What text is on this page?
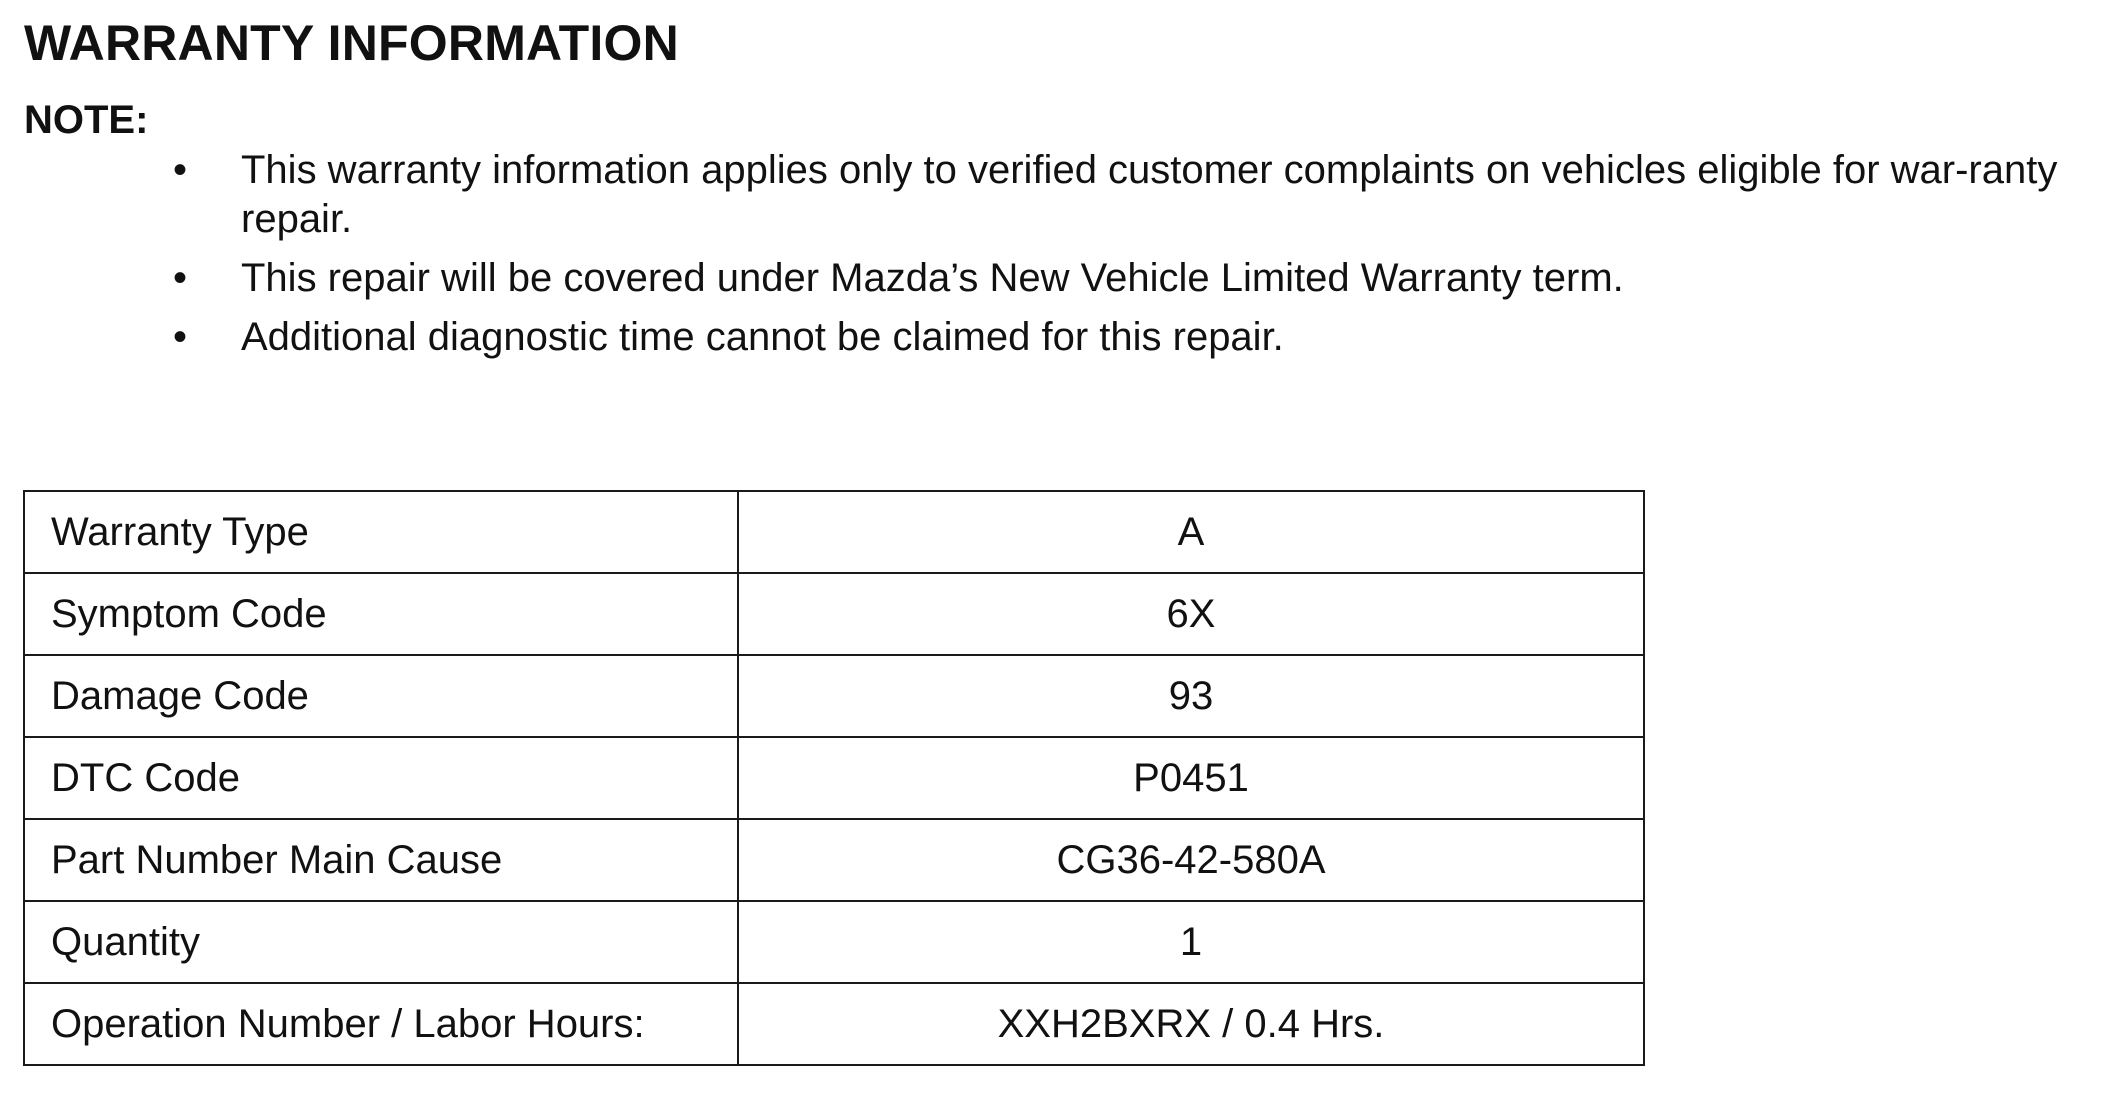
WARRANTY INFORMATION
NOTE:
• This warranty information applies only to verified customer complaints on vehicles eligible for war-ranty repair.
• This repair will be covered under Mazda’s New Vehicle Limited Warranty term.
• Additional diagnostic time cannot be claimed for this repair.
Warranty Type	A
Symptom Code	6X
Damage Code	93
DTC Code	P0451
Part Number Main Cause	CG36-42-580A
Quantity	1
Operation Number / Labor Hours:	XXH2BXRX / 0.4 Hrs.
